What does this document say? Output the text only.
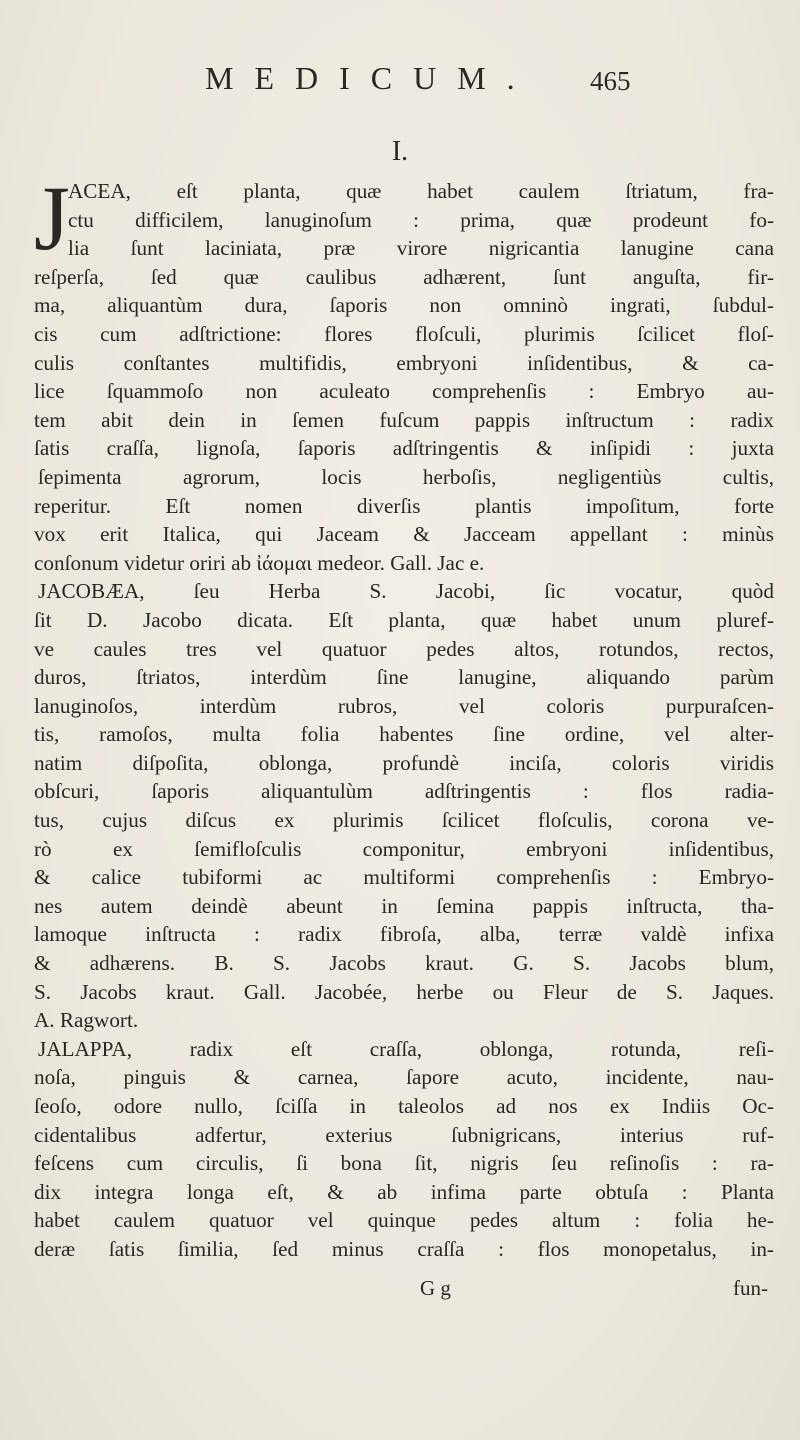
MEDICUM. 465
I.
J
ACEA, eſt planta, quæ habet caulem ſtriatum, fra-
ctu difficilem, lanuginoſum : prima, quæ prodeunt fo-
lia ſunt laciniata, præ virore nigricantia lanugine cana
reſperſa, ſed quæ caulibus adhærent, ſunt anguſta, fir-
ma, aliquantùm dura, ſaporis non omninò ingrati, ſubdul-
cis cum adſtrictione: flores floſculi, plurimis ſcilicet floſ-
culis conſtantes multifidis, embryoni inſidentibus, & ca-
lice ſquammoſo non aculeato comprehenſis : Embryo au-
tem abit dein in ſemen fuſcum pappis inſtructum : radix
ſatis craſſa, lignoſa, ſaporis adſtringentis & inſipidi : juxta
ſepimenta agrorum, locis herboſis, negligentiùs cultis,
reperitur. Eſt nomen diverſis plantis impoſitum, forte
vox erit Italica, qui Jaceam & Jacceam appellant : minùs
conſonum videtur oriri ab ἰάομαι medeor. Gall. Jac e.
JACOBÆA, ſeu Herba S. Jacobi, ſic vocatur, quòd
ſit D. Jacobo dicata. Eſt planta, quæ habet unum pluref-
ve caules tres vel quatuor pedes altos, rotundos, rectos,
duros, ſtriatos, interdùm ſine lanugine, aliquando parùm
lanuginoſos, interdùm rubros, vel coloris purpuraſcen-
tis, ramoſos, multa folia habentes ſine ordine, vel alter-
natim diſpoſita, oblonga, profundè inciſa, coloris viridis
obſcuri, ſaporis aliquantulùm adſtringentis : flos radia-
tus, cujus diſcus ex plurimis ſcilicet floſculis, corona ve-
rò ex ſemifloſculis componitur, embryoni inſidentibus,
& calice tubiformi ac multiformi comprehenſis : Embryo-
nes autem deindè abeunt in ſemina pappis inſtructa, tha-
lamoque inſtructa : radix fibroſa, alba, terræ valdè infixa
& adhærens. B. S. Jacobs kraut. G. S. Jacobs blum,
S. Jacobs kraut. Gall. Jacobée, herbe ou Fleur de S. Jaques.
A. Ragwort.
JALAPPA, radix eſt craſſa, oblonga, rotunda, reſi-
noſa, pinguis & carnea, ſapore acuto, incidente, nau-
ſeoſo, odore nullo, ſciſſa in taleolos ad nos ex Indiis Oc-
cidentalibus adfertur, exterius ſubnigricans, interius ruf-
feſcens cum circulis, ſi bona ſit, nigris ſeu reſinoſis : ra-
dix integra longa eſt, & ab infima parte obtuſa : Planta
habet caulem quatuor vel quinque pedes altum : folia he-
deræ ſatis ſimilia, ſed minus craſſa : flos monopetalus, in-
G g	fun-
